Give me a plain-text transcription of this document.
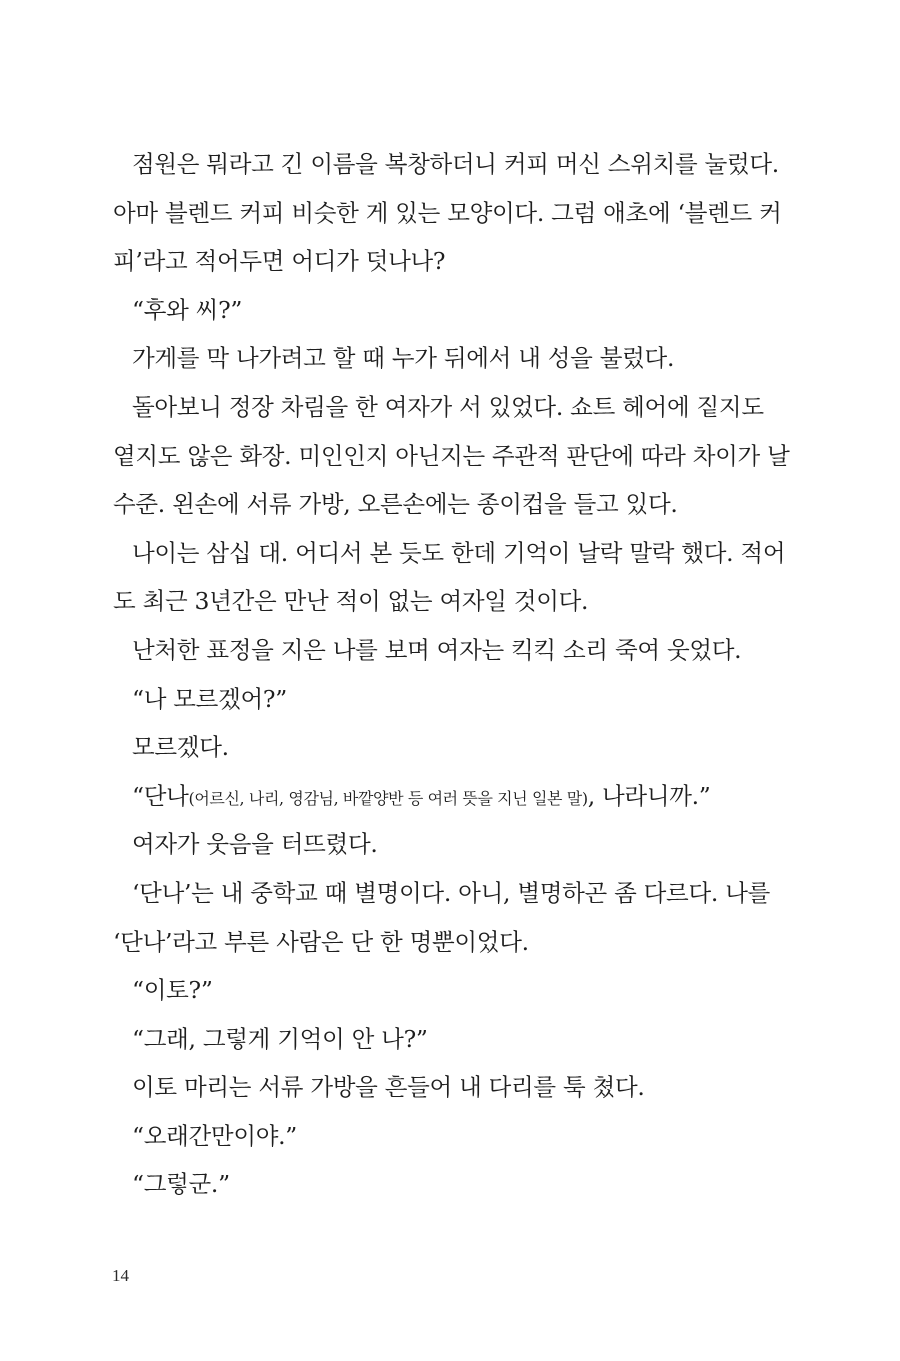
점원은 뭐라고 긴 이름을 복창하더니 커피 머신 스위치를 눌렀다.
아마 블렌드 커피 비슷한 게 있는 모양이다. 그럼 애초에 ‘블렌드 커
피’라고 적어두면 어디가 덧나나?
“후와 씨?”
가게를 막 나가려고 할 때 누가 뒤에서 내 성을 불렀다.
돌아보니 정장 차림을 한 여자가 서 있었다. 쇼트 헤어에 짙지도
옅지도 않은 화장. 미인인지 아닌지는 주관적 판단에 따라 차이가 날
수준. 왼손에 서류 가방, 오른손에는 종이컵을 들고 있다.
나이는 삼십 대. 어디서 본 듯도 한데 기억이 날락 말락 했다. 적어
도 최근 3년간은 만난 적이 없는 여자일 것이다.
난처한 표정을 지은 나를 보며 여자는 킥킥 소리 죽여 웃었다.
“나 모르겠어?”
모르겠다.
“단나(어르신, 나리, 영감님, 바깥양반 등 여러 뜻을 지닌 일본 말), 나라니까.”
여자가 웃음을 터뜨렸다.
‘단나’는 내 중학교 때 별명이다. 아니, 별명하곤 좀 다르다. 나를
‘단나’라고 부른 사람은 단 한 명뿐이었다.
“이토?”
“그래, 그렇게 기억이 안 나?”
이토 마리는 서류 가방을 흔들어 내 다리를 툭 쳤다.
“오래간만이야.”
“그렇군.”
14
